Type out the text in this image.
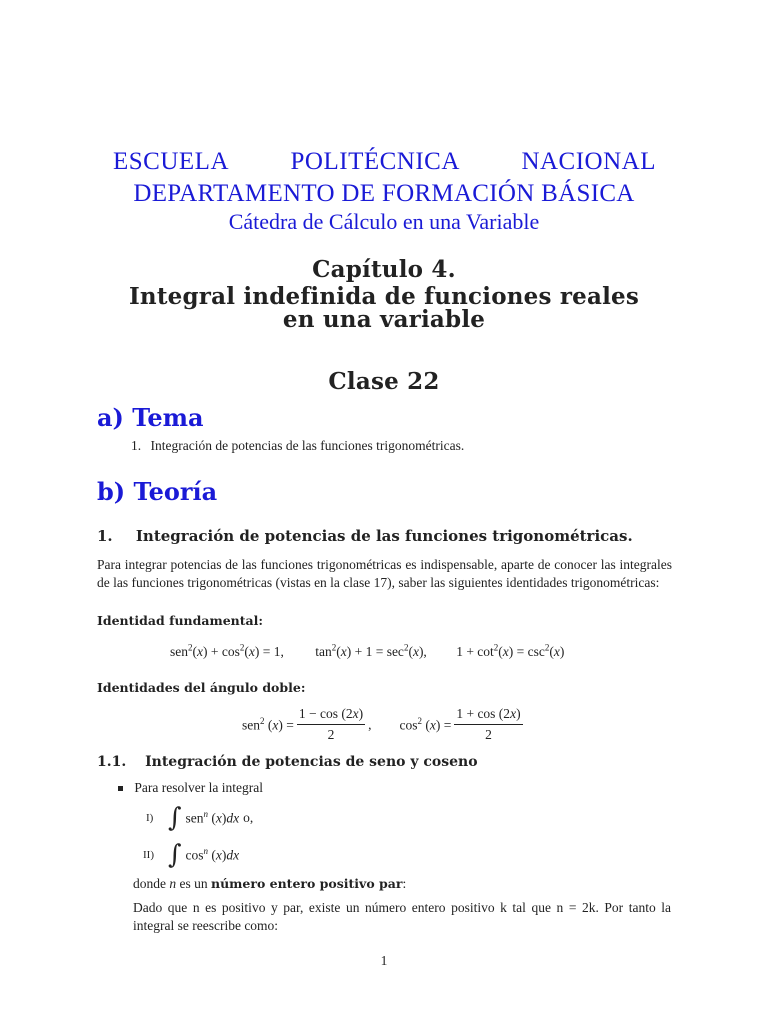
ESCUELA POLITÉCNICA NACIONAL
DEPARTAMENTO DE FORMACIÓN BÁSICA
Cátedra de Cálculo en una Variable
Capítulo 4.
Integral indefinida de funciones reales
en una variable
Clase 22
a) Tema
1. Integración de potencias de las funciones trigonométricas.
b) Teoría
1. Integración de potencias de las funciones trigonométricas.
Para integrar potencias de las funciones trigonométricas es indispensable, aparte de conocer las integrales de las funciones trigonométricas (vistas en la clase 17), saber las siguientes identidades trigonométricas:
Identidad fundamental:
$sen^2(x) + \cos^2(x) = 1$, $\tan^2(x) + 1 = \sec^2(x)$, $1 + \cot^2(x) = \csc^2(x)$
Identidades del ángulo doble:
sen$^2$ $(x) = \frac{1 - \cos (2x)}{2}$ , $\cos^2 (x) = \frac{1 + \cos (2x)}{2}$
1.1. Integración de potencias de seno y coseno
Para resolver la integral
I) ∫ sen$^n$ (x)dx o,
II) ∫ $\cos^n (x)dx$
donde n es un número entero positivo par:
Dado que n es positivo y par, existe un número entero positivo k tal que n = 2k. Por tanto la integral se reescribe como:
1
